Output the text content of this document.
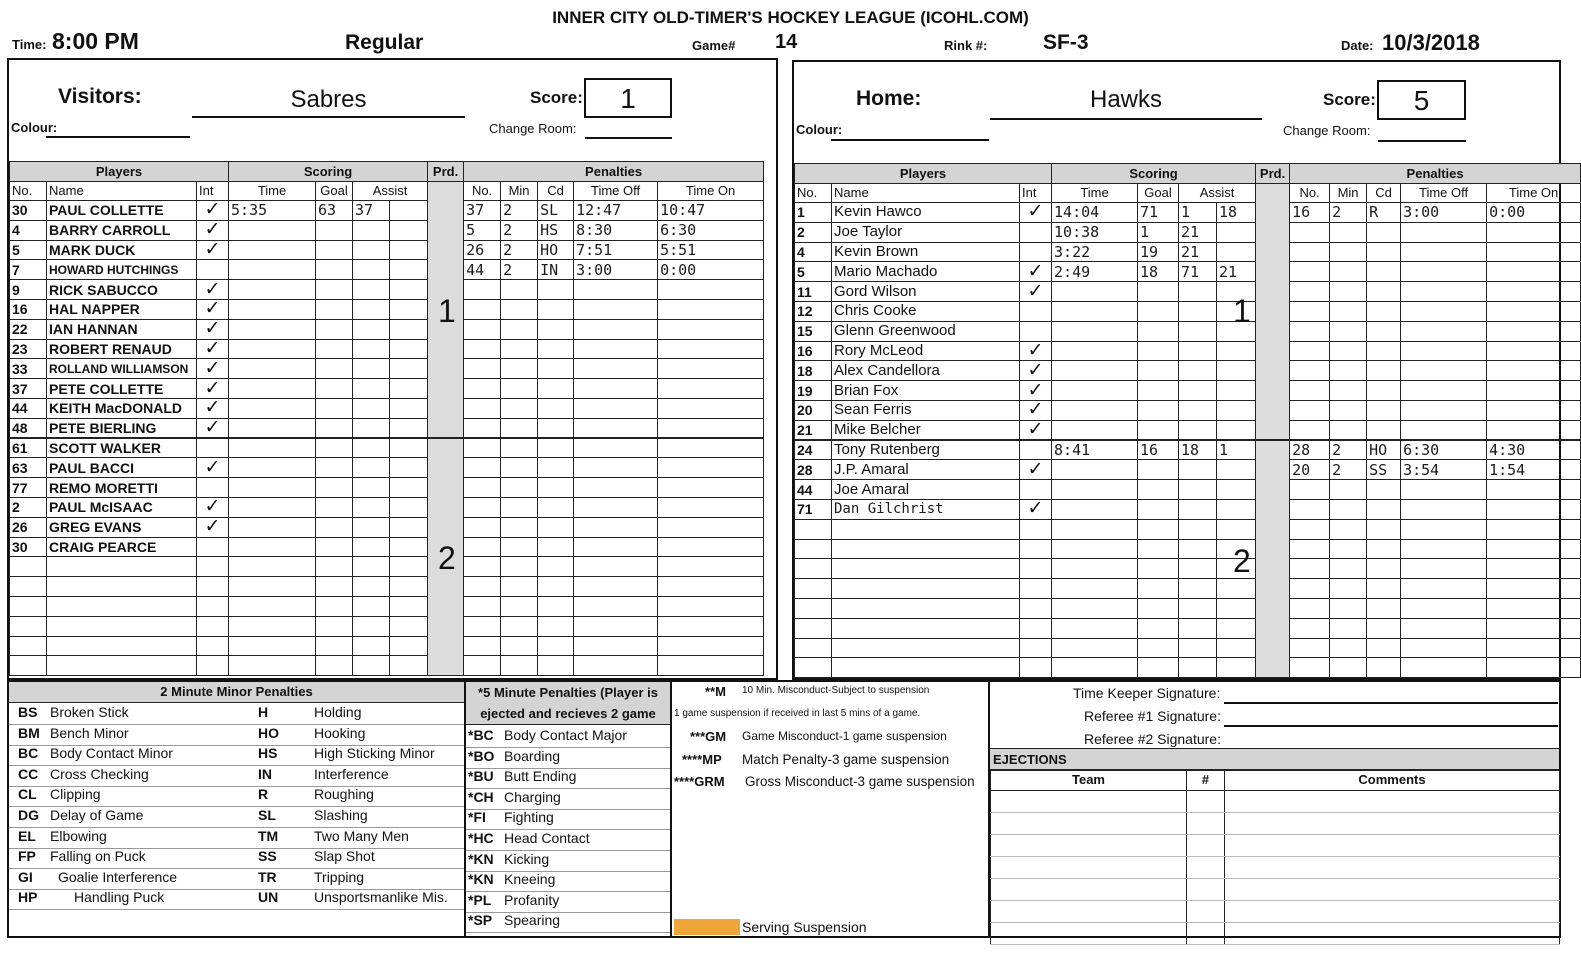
INNER CITY OLD-TIMER'S HOCKEY LEAGUE (ICOHL.COM)
Time: 8:00 PM	Regular	Game# 14	Rink #:	SF-3	Date: 10/3/2018
Visitors:	Sabres	Score:	1
Colour:	Change Room:
Home:	Hawks	Score:	5
Colour:	Change Room:
Players			Scoring				Prd.	Penalties				
No.	Name	Int	Time	Goal	Assist			No.	Min	Cd	Time Off	Time On
30	PAUL COLLETTE	✓	5:35	63	37			37	2	SL	12:47	10:47
4	BARRY CARROLL	✓						5	2	HS	8:30	6:30
5	MARK DUCK	✓						26	2	HO	7:51	5:51
7	HOWARD HUTCHINGS							44	2	IN	3:00	0:00
9	RICK SABUCCO	✓										
16	HAL NAPPER	✓										
22	IAN HANNAN	✓										
23	ROBERT RENAUD	✓										
33	ROLLAND WILLIAMSON	✓										
37	PETE COLLETTE	✓										
44	KEITH MacDONALD	✓										
48	PETE BIERLING	✓										
61	SCOTT WALKER											
63	PAUL BACCI	✓										
77	REMO MORETTI											
2	PAUL McISAAC	✓										
26	GREG EVANS	✓										
30	CRAIG PEARCE											

Players			Scoring				Prd.	Penalties				
No.	Name	Int	Time	Goal	Assist			No.	Min	Cd	Time Off	Time On
1	Kevin Hawco	✓	14:04	71	1	18		16	2	R	3:00	0:00
2	Joe Taylor		10:38	1	21							
4	Kevin Brown		3:22	19	21							
5	Mario Machado	✓	2:49	18	71	21						
11	Gord Wilson	✓										
12	Chris Cooke											
15	Glenn Greenwood											
16	Rory McLeod	✓										
18	Alex Candellora	✓										
19	Brian Fox	✓										
20	Sean Ferris	✓										
21	Mike Belcher	✓										
24	Tony Rutenberg		8:41	16	18	1		28	2	HO	6:30	4:30
28	J.P. Amaral	✓						20	2	SS	3:54	1:54
44	Joe Amaral											
71	Dan Gilchrist	✓										

2 Minute Minor Penalties	*5 Minute Penalties (Player is ejected and recieves 2 game
BS Broken Stick
BM Bench Minor
BC Body Contact Minor
CC Cross Checking
CL Clipping
DG Delay of Game
EL Elbowing
FP Falling on Puck
GI Goalie Interference
HP	Handling Puck
H	Holding
HO	Hooking
HS	High Sticking Minor
IN	Interference
R	Roughing
SL	Slashing
TM	Two Many Men
SS	Slap Shot
TR	Tripping
UN	Unsportsmanlike Mis.
*BC Body Contact Major
*BO Boarding
*BU Butt Ending
*CH Charging
*FI Fighting
*HC Head Contact
*KN Kicking
*KN Kneeing
*PL Profanity
*SP Spearing
**M 10 Min. Misconduct-Subject to suspension
1 game suspension if received in last 5 mins of a game.
***GM Game Misconduct-1 game suspension
****MP Match Penalty-3 game suspension
****GRM Gross Misconduct-3 game suspension
Serving Suspension
Time Keeper Signature:
Referee #1 Signature:
Referee #2 Signature:
EJECTIONS
Team	#	Comments

1
2
1
2
